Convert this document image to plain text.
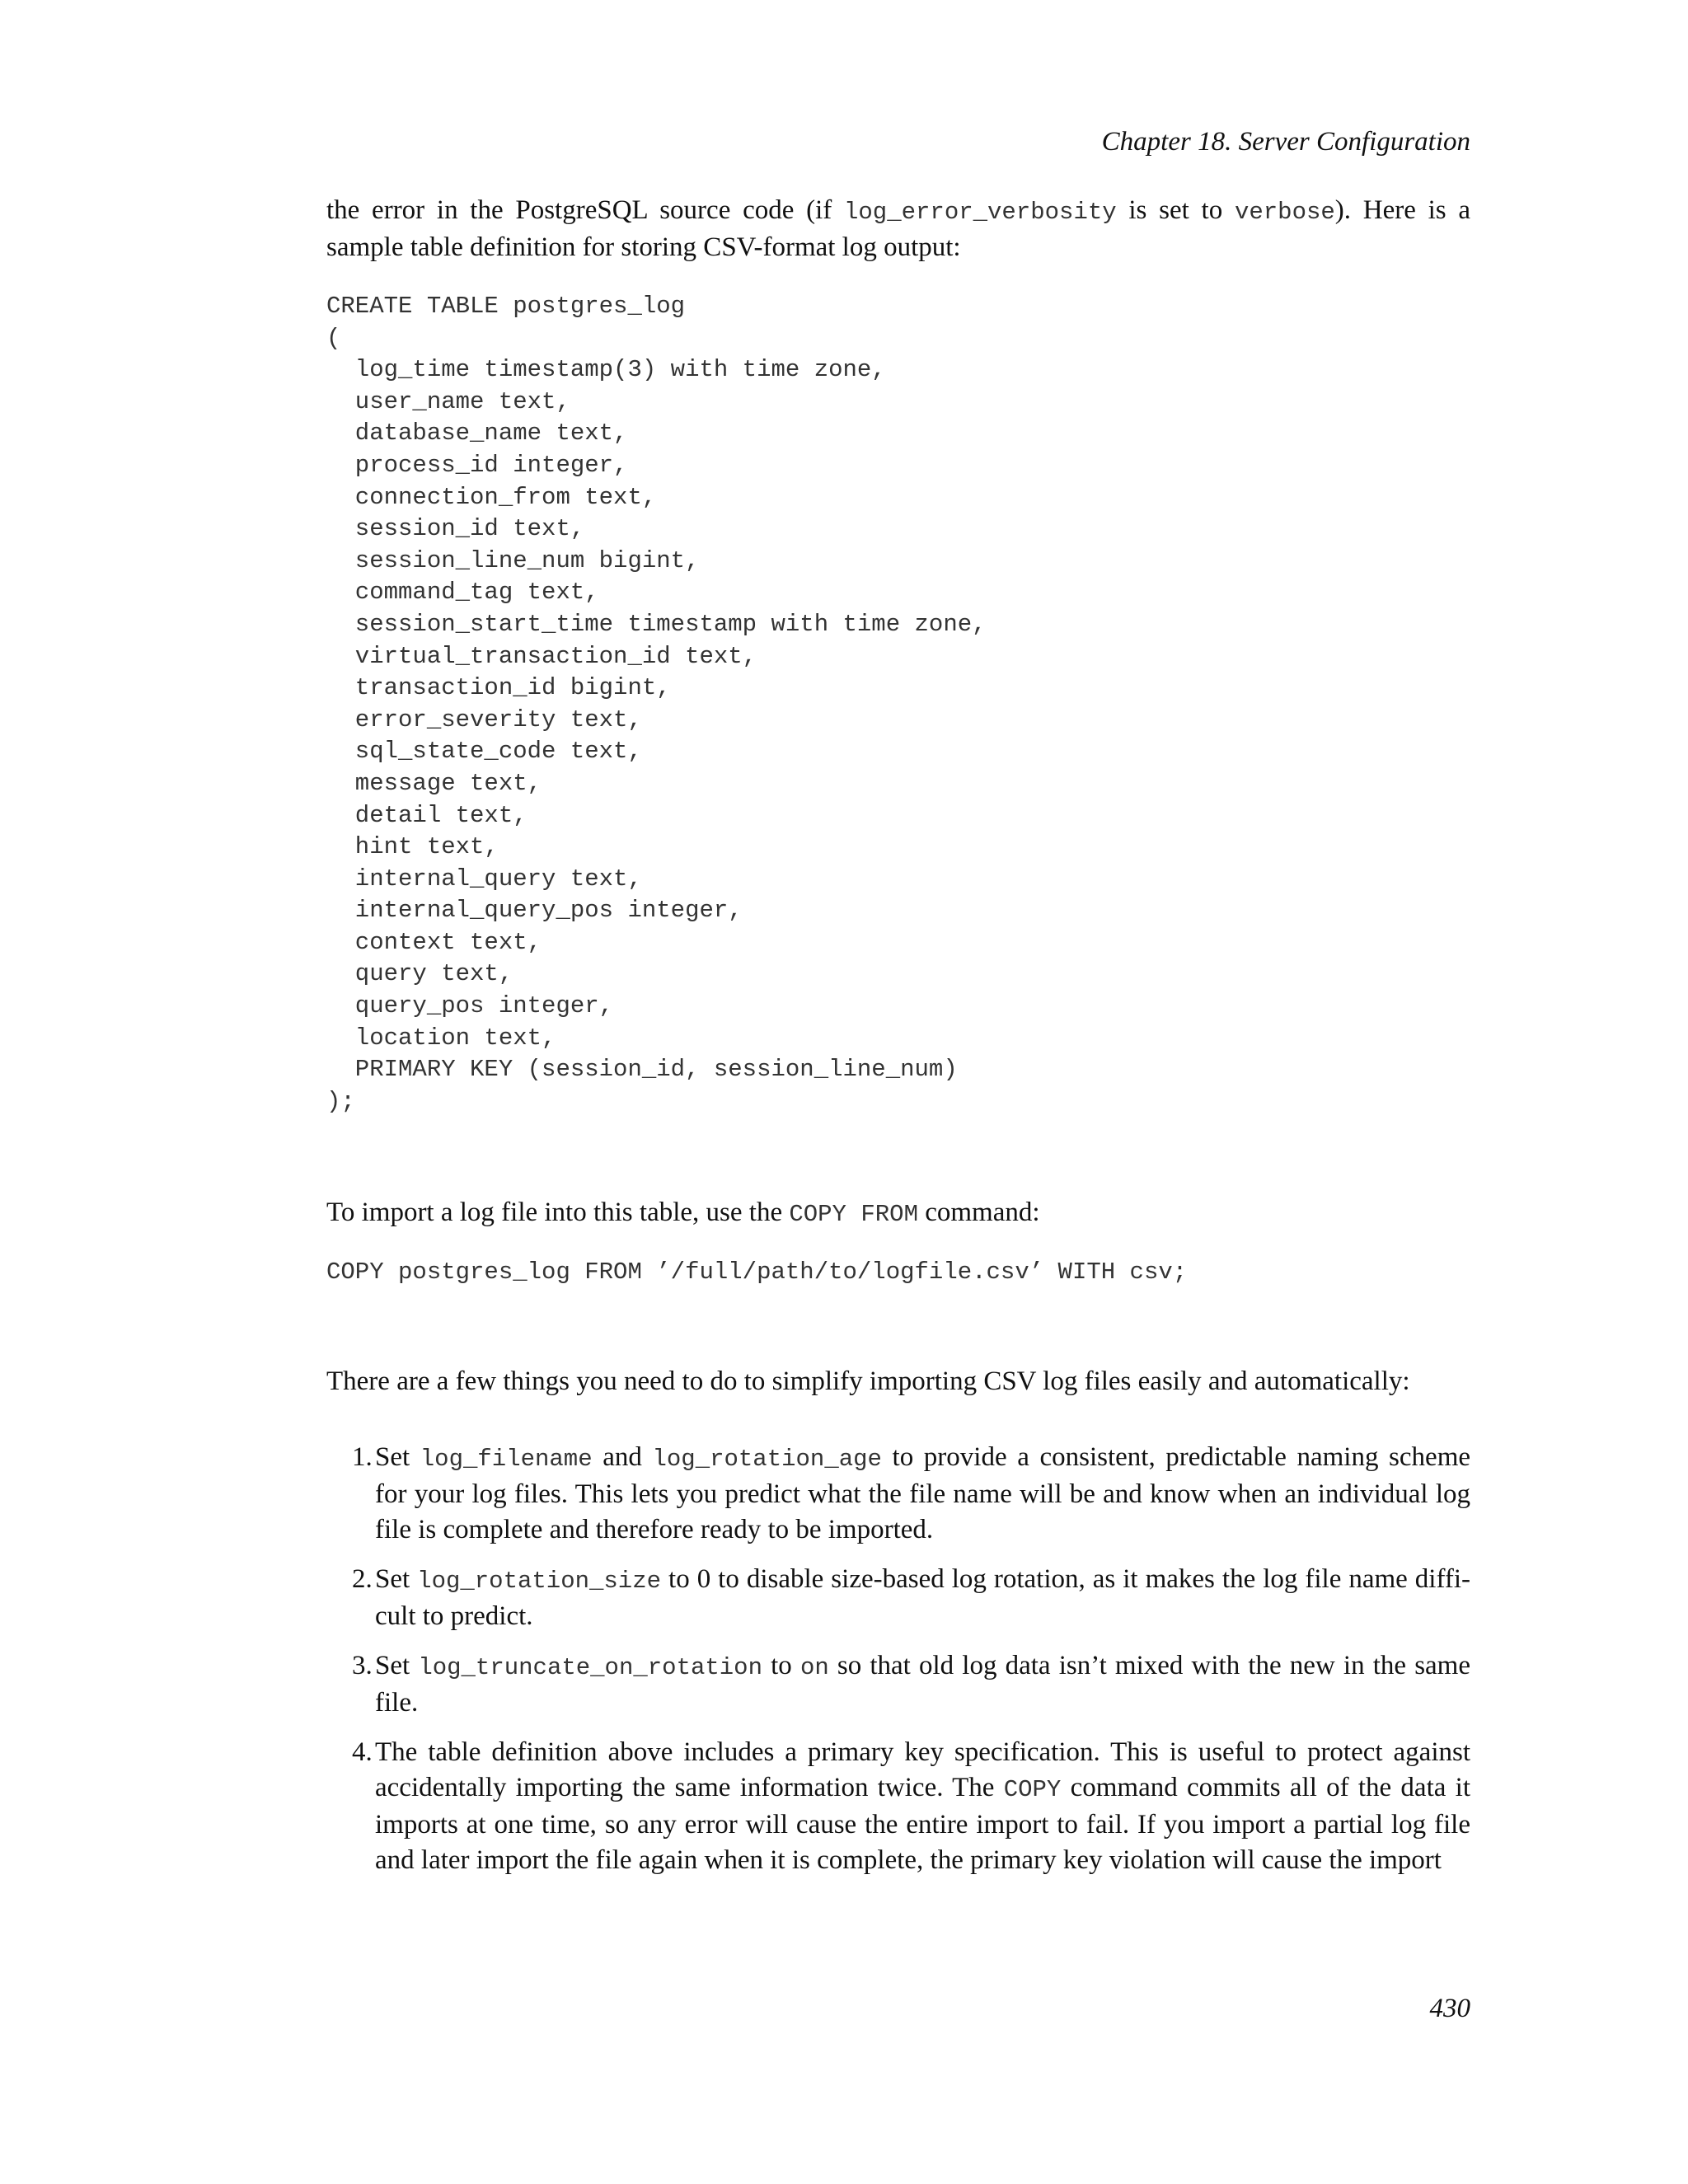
Chapter 18. Server Configuration

the error in the PostgreSQL source code (if log_error_verbosity is set to verbose). Here is a sample table definition for storing CSV-format log output:

CREATE TABLE postgres_log
(
log_time timestamp(3) with time zone,
user_name text,
database_name text,
process_id integer,
connection_from text,
session_id text,
session_line_num bigint,
command_tag text,
session_start_time timestamp with time zone,
virtual_transaction_id text,
transaction_id bigint,
error_severity text,
sql_state_code text,
message text,
detail text,
hint text,
internal_query text,
internal_query_pos integer,
context text,
query text,
query_pos integer,
location text,
PRIMARY KEY (session_id, session_line_num)
);

To import a log file into this table, use the COPY FROM command:

COPY postgres_log FROM ’/full/path/to/logfile.csv’ WITH csv;

There are a few things you need to do to simplify importing CSV log files easily and automatically:

1. Set log_filename and log_rotation_age to provide a consistent, predictable naming scheme for your log files. This lets you predict what the file name will be and know when an individual log file is complete and therefore ready to be imported.
2. Set log_rotation_size to 0 to disable size-based log rotation, as it makes the log file name diffi-cult to predict.
3. Set log_truncate_on_rotation to on so that old log data isn’t mixed with the new in the same file.
4. The table definition above includes a primary key specification. This is useful to protect against accidentally importing the same information twice. The COPY command commits all of the data it imports at one time, so any error will cause the entire import to fail. If you import a partial log file and later import the file again when it is complete, the primary key violation will cause the import
430
